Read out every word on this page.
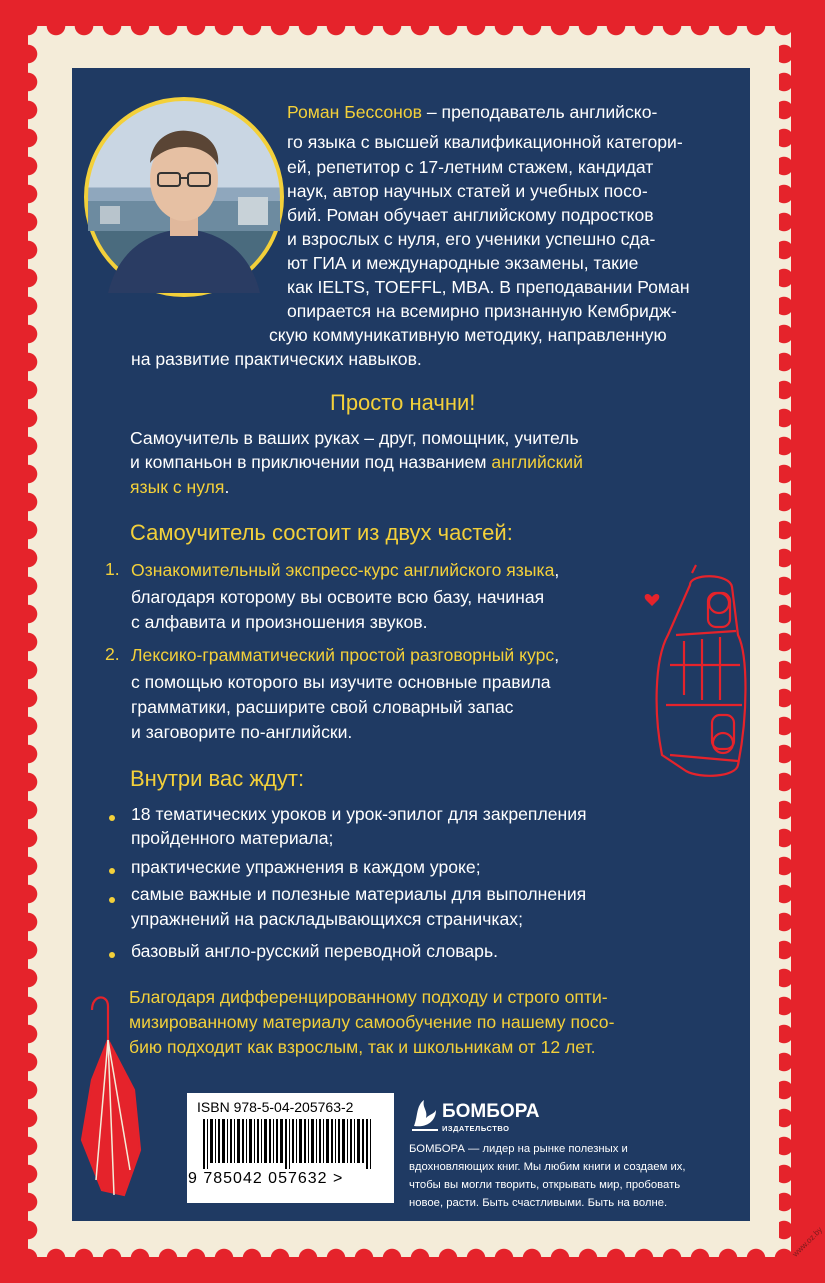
Роман Бессонов – преподаватель английско-
го языка с высшей квалификационной категори-
ей, репетитор с 17-летним стажем, кандидат
наук, автор научных статей и учебных посо-
бий. Роман обучает английскому подростков
и взрослых с нуля, его ученики успешно сда-
ют ГИА и международные экзамены, такие
как IELTS, TOEFFL, MBA. В преподавании Роман
опирается на всемирно признанную Кембридж-
скую коммуникативную методику, направленную
на развитие практических навыков.
Просто начни!
Самоучитель в ваших руках – друг, помощник, учитель
и компаньон в приключении под названием английский
язык с нуля.
Самоучитель состоит из двух частей:
1. Ознакомительный экспресс-курс английского языка,
благодаря которому вы освоите всю базу, начиная
с алфавита и произношения звуков.
2. Лексико-грамматический простой разговорный курс,
с помощью которого вы изучите основные правила
грамматики, расширите свой словарный запас
и заговорите по-английски.
Внутри вас ждут:
18 тематических уроков и урок-эпилог для закрепления
пройденного материала;
практические упражнения в каждом уроке;
самые важные и полезные материалы для выполнения
упражнений на раскладывающихся страничках;
базовый англо-русский переводной словарь.
Благодаря дифференцированному подходу и строго опти-
мизированному материалу самообучение по нашему посо-
бию подходит как взрослым, так и школьникам от 12 лет.
ISBN 978-5-04-205763-2
9 785042 057632 >
БОМБОРА
ИЗДАТЕЛЬСТВО
БОМБОРА — лидер на рынке полезных и вдохновляющих книг. Мы любим книги и создаем их, чтобы вы могли творить, открывать мир, пробовать новое, расти. Быть счастливыми. Быть на волне.
www.oz.by
